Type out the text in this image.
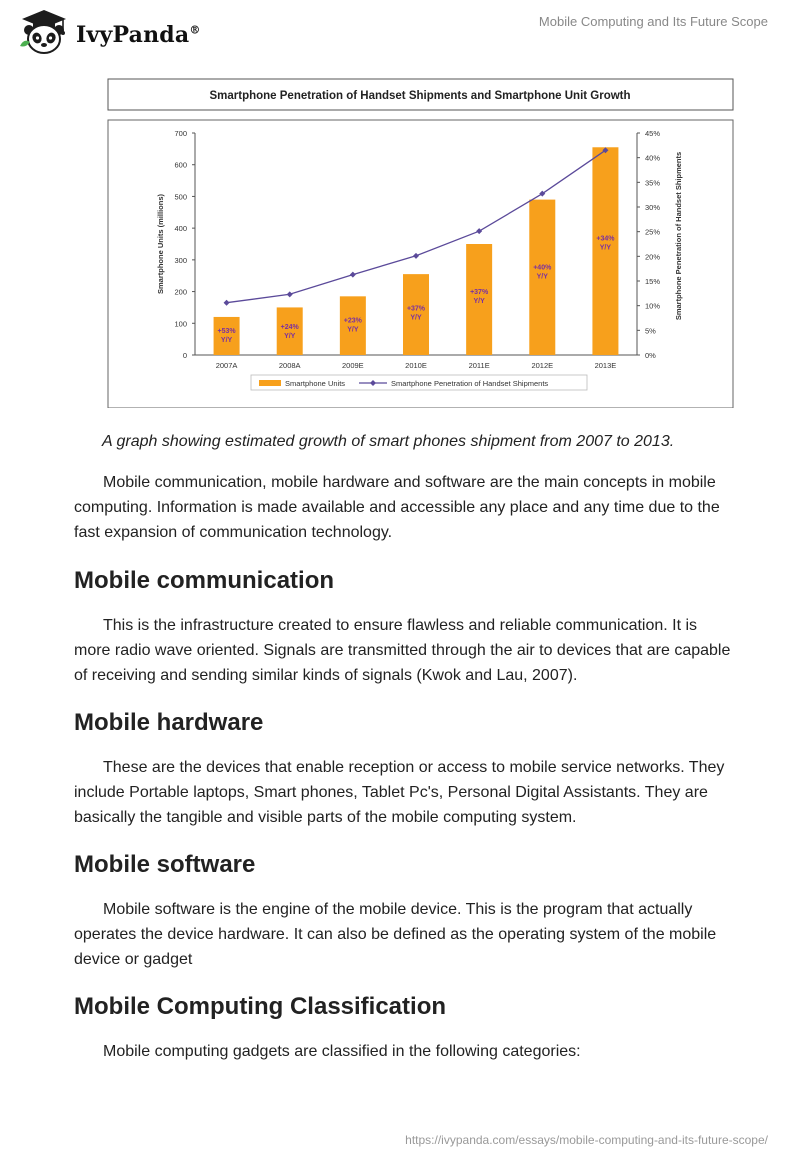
IvyPanda®
Mobile Computing and Its Future Scope
Smartphone Penetration of Handset Shipments and Smartphone Unit Growth
0
100
200
300
400
500
600
700
0%
5%
10%
15%
20%
25%
30%
35%
40%
45%
Smartphone Units (millions)	Smartphone Penetration of Handset Shipments
+53%
Y/Y
2007A
+24%
Y/Y
2008A
+23%
Y/Y
2009E
+37%
Y/Y
2010E
+37%
Y/Y
2011E
+40%
Y/Y
2012E
+34%
Y/Y
2013E
Smartphone Units	Smartphone Penetration of Handset Shipments
A graph showing estimated growth of smart phones shipment from 2007 to 2013.

Mobile communication, mobile hardware and software are the main concepts in mobile computing. Information is made available and accessible any place and any time due to the fast expansion of communication technology.

Mobile communication

This is the infrastructure created to ensure flawless and reliable communication. It is more radio wave oriented. Signals are transmitted through the air to devices that are capable of receiving and sending similar kinds of signals (Kwok and Lau, 2007).

Mobile hardware

These are the devices that enable reception or access to mobile service networks. They include Portable laptops, Smart phones, Tablet Pc's, Personal Digital Assistants. They are basically the tangible and visible parts of the mobile computing system.

Mobile software

Mobile software is the engine of the mobile device. This is the program that actually operates the device hardware. It can also be defined as the operating system of the mobile device or gadget

Mobile Computing Classification

Mobile computing gadgets are classified in the following categories:

https://ivypanda.com/essays/mobile-computing-and-its-future-scope/
